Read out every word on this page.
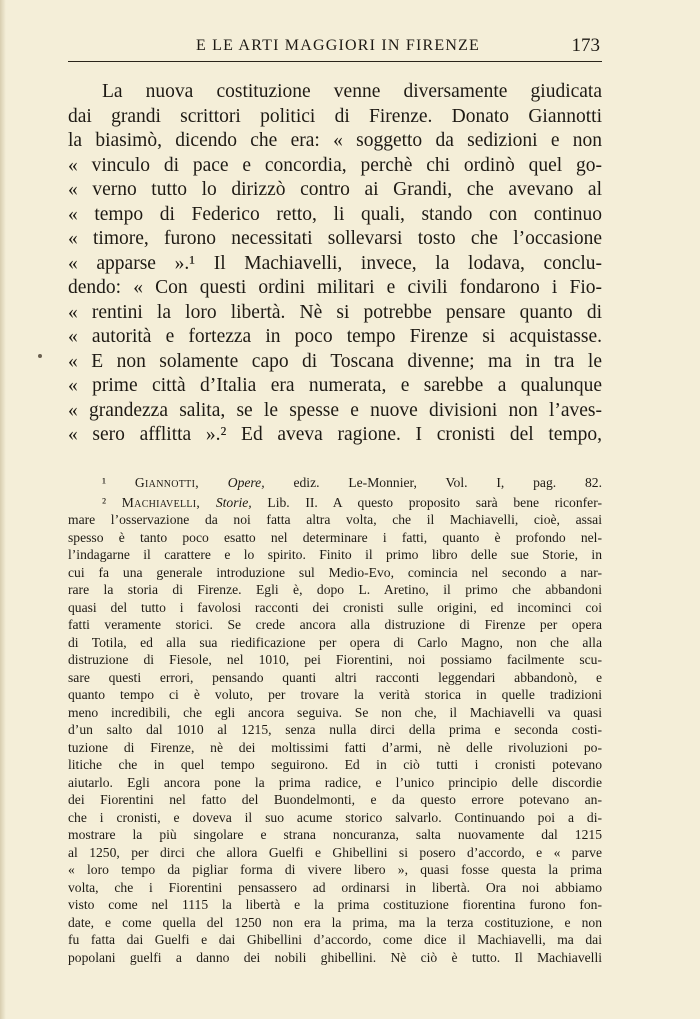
E LE ARTI MAGGIORI IN FIRENZE	173
La nuova costituzione venne diversamente giudicata
dai grandi scrittori politici di Firenze. Donato Giannotti
la biasimò, dicendo che era: « soggetto da sedizioni e non
« vinculo di pace e concordia, perchè chi ordinò quel go-
« verno tutto lo dirizzò contro ai Grandi, che avevano al
« tempo di Federico retto, li quali, stando con continuo
« timore, furono necessitati sollevarsi tosto che l’occasione
« apparse ».¹ Il Machiavelli, invece, la lodava, conclu-
dendo: « Con questi ordini militari e civili fondarono i Fio-
« rentini la loro libertà. Nè si potrebbe pensare quanto di
« autorità e fortezza in poco tempo Firenze si acquistasse.
« E non solamente capo di Toscana divenne; ma in tra le
« prime città d’Italia era numerata, e sarebbe a qualunque
« grandezza salita, se le spesse e nuove divisioni non l’aves-
« sero afflitta ».² Ed aveva ragione. I cronisti del tempo,
¹ Giannotti, Opere, ediz. Le-Monnier, Vol. I, pag. 82.
² Machiavelli, Storie, Lib. II. A questo proposito sarà bene riconfer-
mare l’osservazione da noi fatta altra volta, che il Machiavelli, cioè, assai
spesso è tanto poco esatto nel determinare i fatti, quanto è profondo nel-
l’indagarne il carattere e lo spirito. Finito il primo libro delle sue Storie, in
cui fa una generale introduzione sul Medio-Evo, comincia nel secondo a nar-
rare la storia di Firenze. Egli è, dopo L. Aretino, il primo che abbandoni
quasi del tutto i favolosi racconti dei cronisti sulle origini, ed incominci coi
fatti veramente storici. Se crede ancora alla distruzione di Firenze per opera
di Totila, ed alla sua riedificazione per opera di Carlo Magno, non che alla
distruzione di Fiesole, nel 1010, pei Fiorentini, noi possiamo facilmente scu-
sare questi errori, pensando quanti altri racconti leggendari abbandonò, e
quanto tempo ci è voluto, per trovare la verità storica in quelle tradizioni
meno incredibili, che egli ancora seguiva. Se non che, il Machiavelli va quasi
d’un salto dal 1010 al 1215, senza nulla dirci della prima e seconda costi-
tuzione di Firenze, nè dei moltissimi fatti d’armi, nè delle rivoluzioni po-
litiche che in quel tempo seguirono. Ed in ciò tutti i cronisti potevano
aiutarlo. Egli ancora pone la prima radice, e l’unico principio delle discordie
dei Fiorentini nel fatto del Buondelmonti, e da questo errore potevano an-
che i cronisti, e doveva il suo acume storico salvarlo. Continuando poi a di-
mostrare la più singolare e strana noncuranza, salta nuovamente dal 1215
al 1250, per dirci che allora Guelfi e Ghibellini si posero d’accordo, e « parve
« loro tempo da pigliar forma di vivere libero », quasi fosse questa la prima
volta, che i Fiorentini pensassero ad ordinarsi in libertà. Ora noi abbiamo
visto come nel 1115 la libertà e la prima costituzione fiorentina furono fon-
date, e come quella del 1250 non era la prima, ma la terza costituzione, e non
fu fatta dai Guelfi e dai Ghibellini d’accordo, come dice il Machiavelli, ma dai
popolani guelfi a danno dei nobili ghibellini. Nè ciò è tutto. Il Machiavelli
